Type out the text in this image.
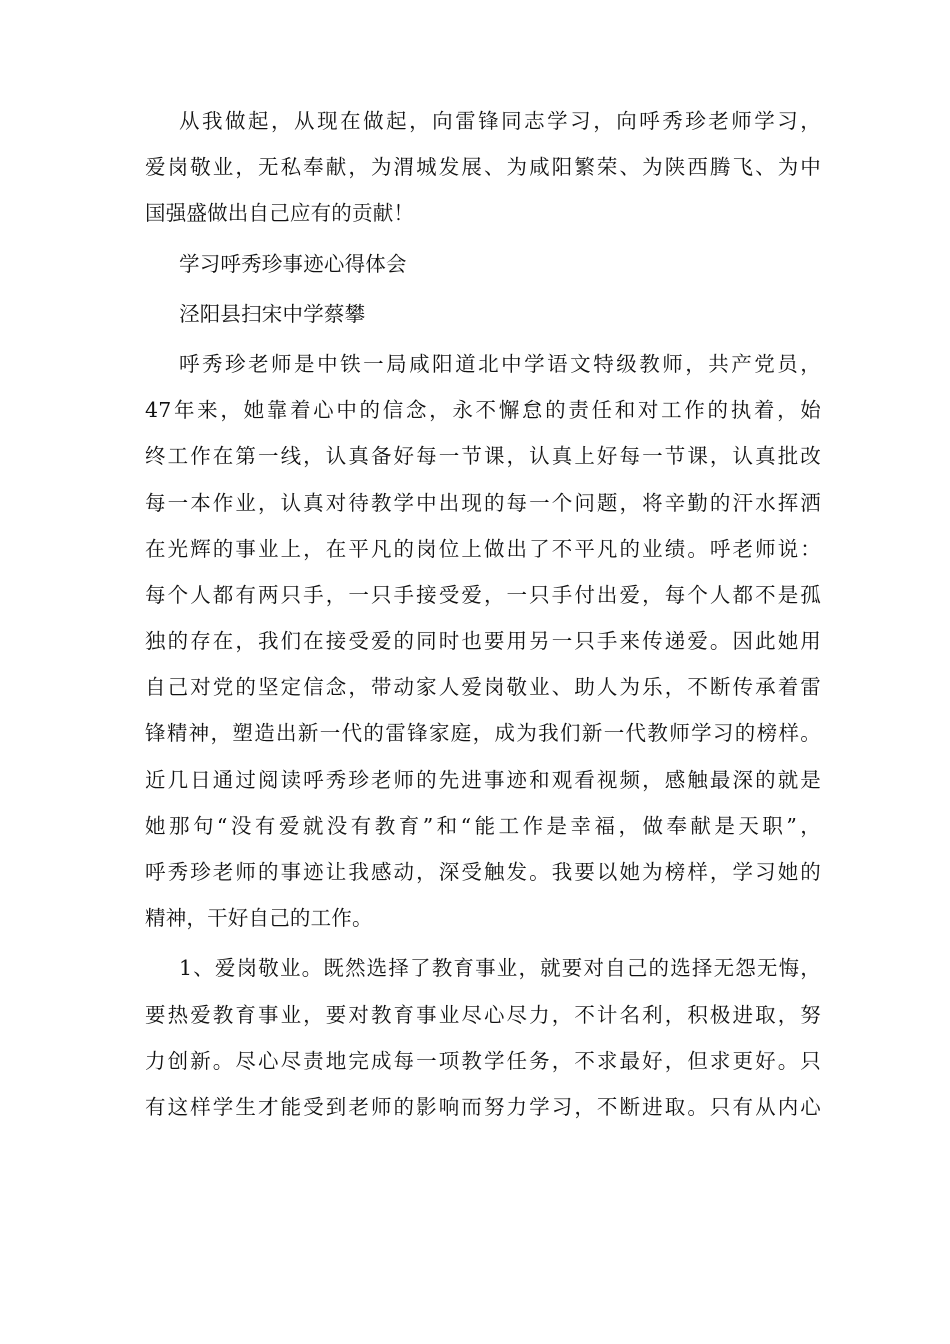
从我做起，从现在做起，向雷锋同志学习，向呼秀珍老师学习，
爱岗敬业，无私奉献，为渭城发展、为咸阳繁荣、为陕西腾飞、为中
国强盛做出自己应有的贡献！
学习呼秀珍事迹心得体会
泾阳县扫宋中学蔡攀
呼秀珍老师是中铁一局咸阳道北中学语文特级教师，共产党员，
47年来，她靠着心中的信念，永不懈怠的责任和对工作的执着，始
终工作在第一线，认真备好每一节课，认真上好每一节课，认真批改
每一本作业，认真对待教学中出现的每一个问题，将辛勤的汗水挥洒
在光辉的事业上，在平凡的岗位上做出了不平凡的业绩。呼老师说：
每个人都有两只手，一只手接受爱，一只手付出爱，每个人都不是孤
独的存在，我们在接受爱的同时也要用另一只手来传递爱。因此她用
自己对党的坚定信念，带动家人爱岗敬业、助人为乐，不断传承着雷
锋精神，塑造出新一代的雷锋家庭，成为我们新一代教师学习的榜样。
近几日通过阅读呼秀珍老师的先进事迹和观看视频，感触最深的就是
她那句“没有爱就没有教育”和“能工作是幸福，做奉献是天职”，
呼秀珍老师的事迹让我感动，深受触发。我要以她为榜样，学习她的
精神，干好自己的工作。
1、爱岗敬业。既然选择了教育事业，就要对自己的选择无怨无悔，
要热爱教育事业，要对教育事业尽心尽力，不计名利，积极进取，努
力创新。尽心尽责地完成每一项教学任务，不求最好，但求更好。只
有这样学生才能受到老师的影响而努力学习，不断进取。只有从内心
